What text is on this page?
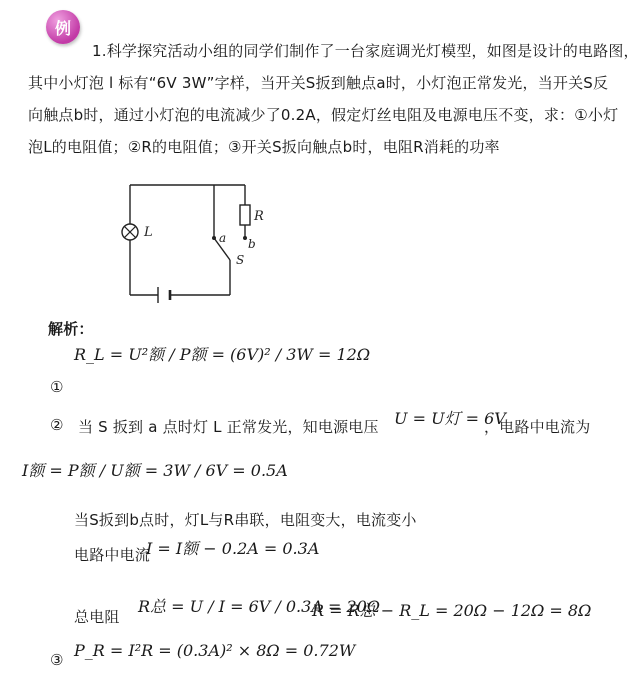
例
1.科学探究活动小组的同学们制作了一台家庭调光灯模型，如图是设计的电路图，
其中小灯泡 l 标有“6V 3W”字样，当开关S扳到触点a时，小灯泡正常发光，当开关S反
向触点b时，通过小灯泡的电流减少了0.2A，假定灯丝电阻及电源电压不变，求：①小灯
泡L的电阻值；②R的电阻值；③开关S扳向触点b时，电阻R消耗的功率
L
R
a b
S
解析：
①
R_L = U²额 / P额 = (6V)² / 3W = 12Ω
② 当 S 扳到 a 点时灯 L 正常发光，知电源电压 U = U灯 = 6V
，电路中电流为
I额 = P额 / U额 = 3W / 6V = 0.5A
当S扳到b点时，灯L与R串联，电阻变大，电流变小
电路中电流
I = I额 − 0.2A = 0.3A
总电阻
R总 = U / I = 6V / 0.3A = 20Ω
R = R总 − R_L = 20Ω − 12Ω = 8Ω
③ P_R = I²R = (0.3A)² × 8Ω = 0.72W
